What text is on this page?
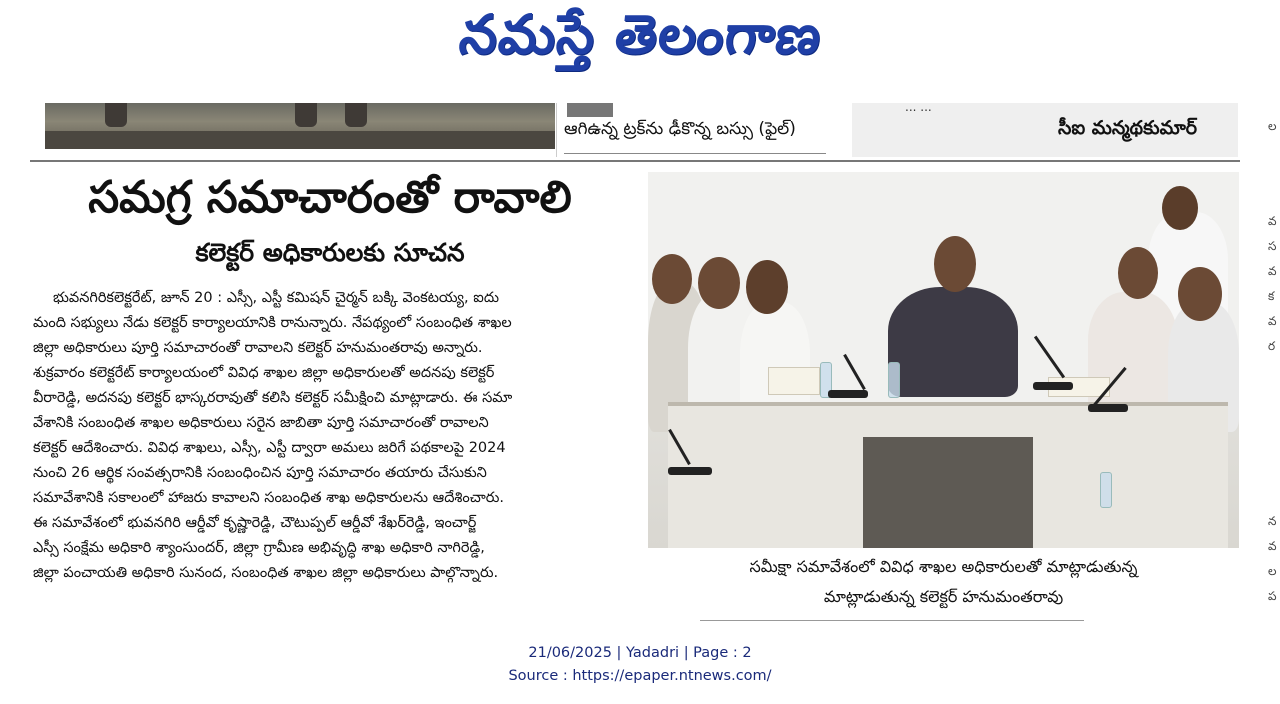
నమస్తే తెలంగాణ
ఆగిఉన్న ట్రక్‌ను ఢీకొన్న బస్సు (ఫైల్)
... ...
సీఐ మన్మథకుమార్
సమగ్ర సమాచారంతో రావాలి
కలెక్టర్ అధికారులకు సూచన
భువనగిరికలెక్టరేట్, జూన్ 20 : ఎస్సీ, ఎస్టీ కమిషన్ చైర్మన్ బక్కి వెంకటయ్య, ఐదు
మంది సభ్యులు నేడు కలెక్టర్ కార్యాలయానికి రానున్నారు. నేపథ్యంలో సంబంధిత శాఖల
జిల్లా అధికారులు పూర్తి సమాచారంతో రావాలని కలెక్టర్ హనుమంతరావు అన్నారు.
శుక్రవారం కలెక్టరేట్ కార్యాలయంలో వివిధ శాఖల జిల్లా అధికారులతో అదనపు కలెక్టర్
వీరారెడ్డి, అదనపు కలెక్టర్ భాస్కరరావుతో కలిసి కలెక్టర్ సమీక్షించి మాట్లాడారు. ఈ సమా
వేశానికి సంబంధిత శాఖల అధికారులు సరైన జాబితా పూర్తి సమాచారంతో రావాలని
కలెక్టర్ ఆదేశించారు. వివిధ శాఖలు, ఎస్సీ, ఎస్టీ ద్వారా అమలు జరిగే పథకాలపై 2024
నుంచి 26 ఆర్థిక సంవత్సరానికి సంబంధించిన పూర్తి సమాచారం తయారు చేసుకుని
సమావేశానికి సకాలంలో హాజరు కావాలని సంబంధిత శాఖ అధికారులను ఆదేశించారు.
ఈ సమావేశంలో భువనగిరి ఆర్డీవో కృష్ణారెడ్డి, చౌటుప్పల్ ఆర్డీవో శేఖర్‌రెడ్డి, ఇంచార్జ్
ఎస్సీ సంక్షేమ అధికారి శ్యాంసుందర్, జిల్లా గ్రామీణ అభివృద్ధి శాఖ అధికారి నాగిరెడ్డి,
జిల్లా పంచాయతి అధికారి సునంద, సంబంధిత శాఖల జిల్లా అధికారులు పాల్గొన్నారు.	సమీక్షా సమావేశంలో వివిధ శాఖల అధికారులతో మాట్లాడుతున్న
మాట్లాడుతున్న కలెక్టర్ హనుమంతరావు
ల
వ
స
వ
క
వ
ర
న
వ
ల
ప
21/06/2025 | Yadadri | Page : 2
Source : https://epaper.ntnews.com/
